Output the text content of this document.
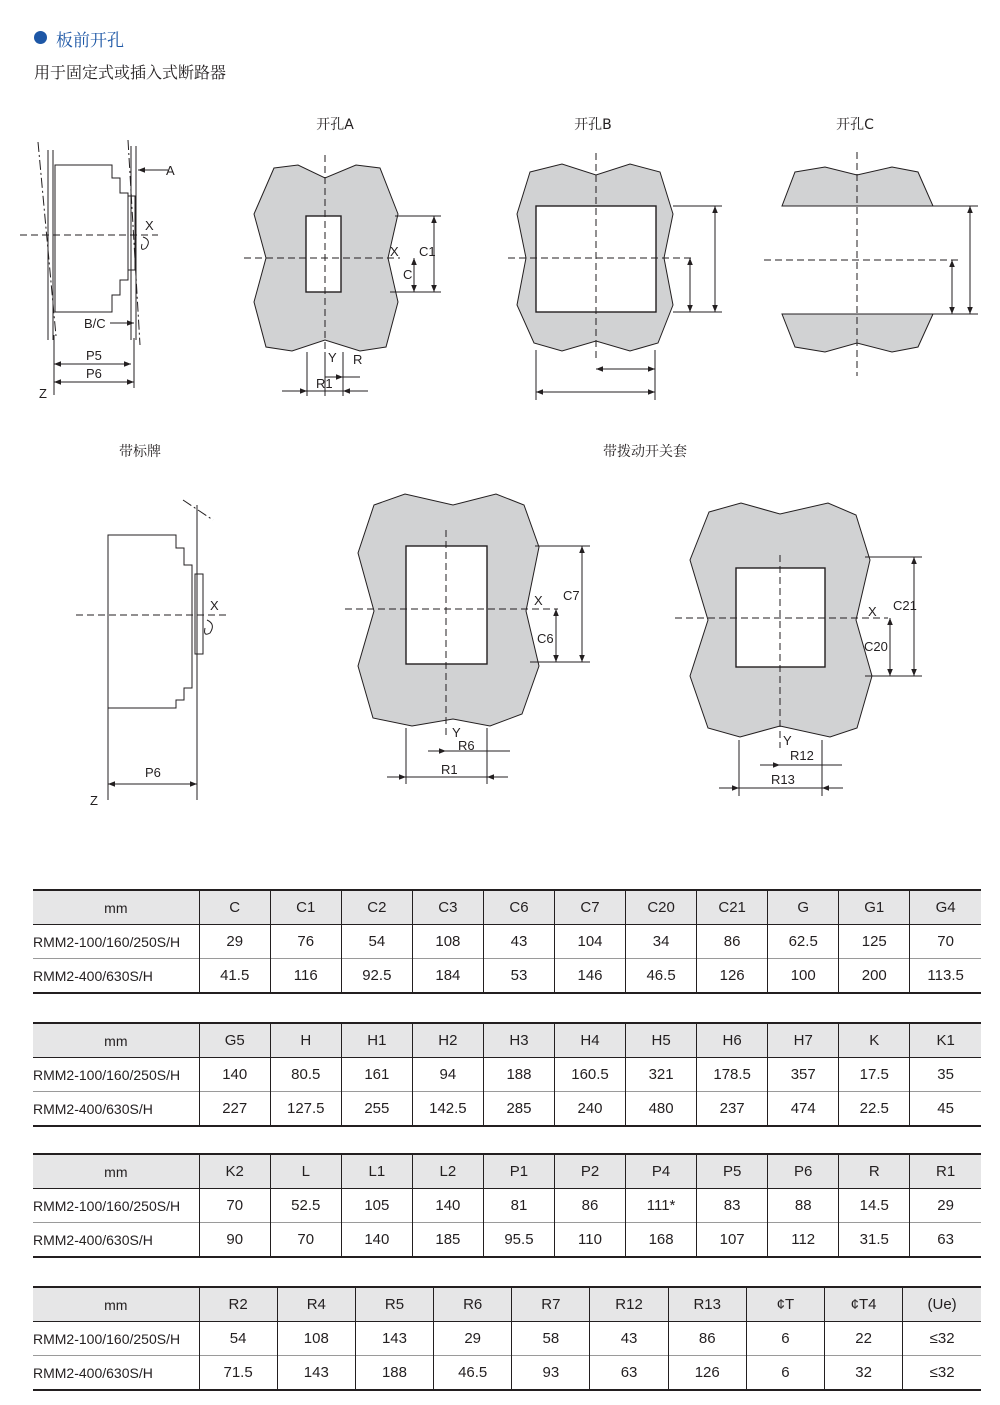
板前开孔
用于固定式或插入式断路器
开孔A	开孔B	开孔C
带标牌	带拨动开关套
A
X
B/C
P5
P6
Z
X C1
C
Y R
R1
X
P6
Z
X C7
C6
Y
R6
R1
X C21
C20
Y
R12
R13
mm	C	C1	C2	C3	C6	C7	C20	C21	G	G1	G4
RMM2-100/160/250S/H	29	76	54	108	43	104	34	86	62.5	125	70
RMM2-400/630S/H	41.5	116	92.5	184	53	146	46.5	126	100	200	113.5
mm	G5	H	H1	H2	H3	H4	H5	H6	H7	K	K1
RMM2-100/160/250S/H	140	80.5	161	94	188	160.5	321	178.5	357	17.5	35
RMM2-400/630S/H	227	127.5	255	142.5	285	240	480	237	474	22.5	45
mm	K2	L	L1	L2	P1	P2	P4	P5	P6	R	R1
RMM2-100/160/250S/H	70	52.5	105	140	81	86	111*	83	88	14.5	29
RMM2-400/630S/H	90	70	140	185	95.5	110	168	107	112	31.5	63
mm	R2	R4	R5	R6	R7	R12	R13	¢T	¢T4	(Ue)
RMM2-100/160/250S/H	54	108	143	29	58	43	86	6	22	≤32
RMM2-400/630S/H	71.5	143	188	46.5	93	63	126	6	32	≤32
